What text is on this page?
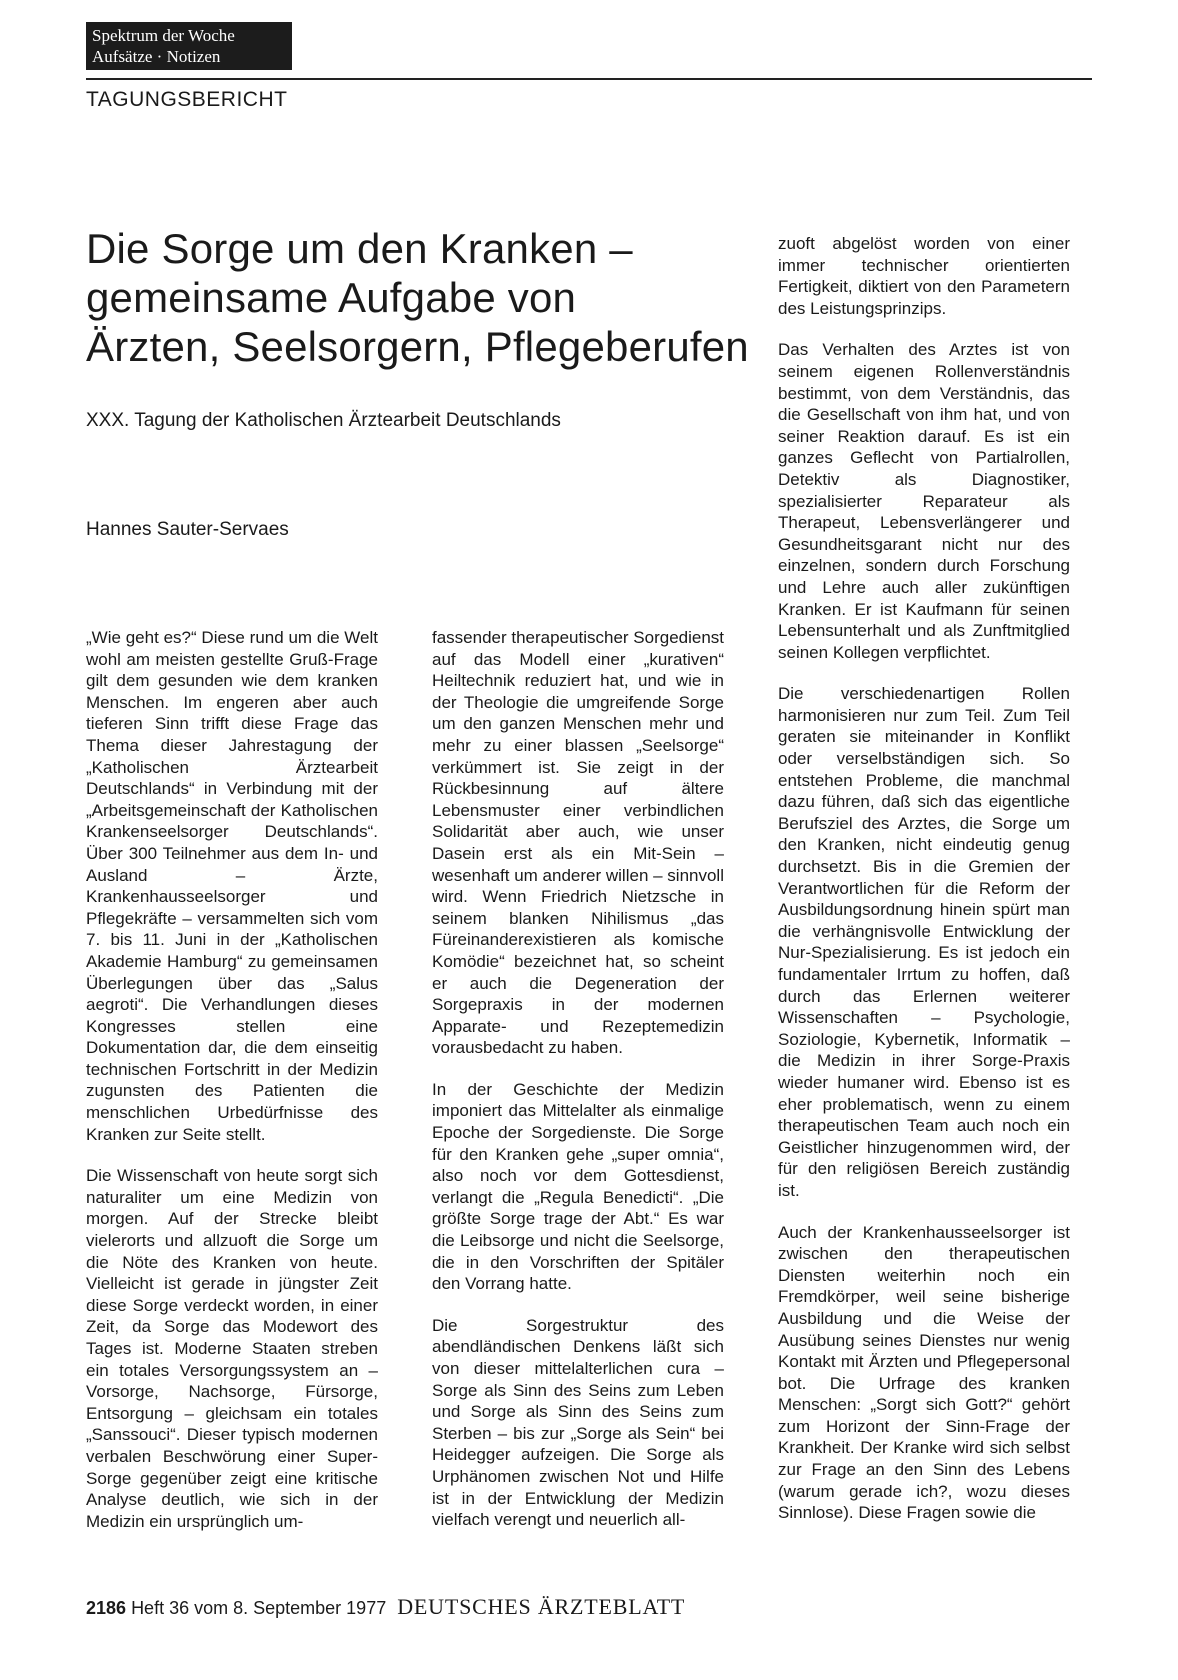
Spektrum der Woche
Aufsätze · Notizen
TAGUNGSBERICHT
Die Sorge um den Kranken –
gemeinsame Aufgabe von
Ärzten, Seelsorgern, Pflegeberufen
XXX. Tagung der Katholischen Ärztearbeit Deutschlands
Hannes Sauter-Servaes

„Wie geht es?“ Diese rund um die Welt wohl am meisten gestellte Gruß-Frage gilt dem gesunden wie dem kranken Menschen. Im engeren aber auch tieferen Sinn trifft diese Frage das Thema dieser Jahrestagung der „Katholischen Ärztearbeit Deutschlands“ in Verbindung mit der „Arbeitsgemeinschaft der Katholischen Krankenseelsorger Deutschlands“. Über 300 Teilnehmer aus dem In- und Ausland – Ärzte, Krankenhausseelsorger und Pflegekräfte – versammelten sich vom 7. bis 11. Juni in der „Katholischen Akademie Hamburg“ zu gemeinsamen Überlegungen über das „Salus aegroti“. Die Verhandlungen dieses Kongresses stellen eine Dokumentation dar, die dem einseitig technischen Fortschritt in der Medizin zugunsten des Patienten die menschlichen Urbedürfnisse des Kranken zur Seite stellt.

Die Wissenschaft von heute sorgt sich naturaliter um eine Medizin von morgen. Auf der Strecke bleibt vielerorts und allzuoft die Sorge um die Nöte des Kranken von heute. Vielleicht ist gerade in jüngster Zeit diese Sorge verdeckt worden, in einer Zeit, da Sorge das Modewort des Tages ist. Moderne Staaten streben ein totales Versorgungssystem an – Vorsorge, Nachsorge, Fürsorge, Entsorgung – gleichsam ein totales „Sanssouci“. Dieser typisch modernen verbalen Beschwörung einer Super-Sorge gegenüber zeigt eine kritische Analyse deutlich, wie sich in der Medizin ein ursprünglich um-

fassender therapeutischer Sorgedienst auf das Modell einer „kurativen“ Heiltechnik reduziert hat, und wie in der Theologie die umgreifende Sorge um den ganzen Menschen mehr und mehr zu einer blassen „Seelsorge“ verkümmert ist. Sie zeigt in der Rückbesinnung auf ältere Lebensmuster einer verbindlichen Solidarität aber auch, wie unser Dasein erst als ein Mit-Sein – wesenhaft um anderer willen – sinnvoll wird. Wenn Friedrich Nietzsche in seinem blanken Nihilismus „das Füreinanderexistieren als komische Komödie“ bezeichnet hat, so scheint er auch die Degeneration der Sorgepraxis in der modernen Apparate- und Rezeptemedizin vorausbedacht zu haben.

In der Geschichte der Medizin imponiert das Mittelalter als einmalige Epoche der Sorgedienste. Die Sorge für den Kranken gehe „super omnia“, also noch vor dem Gottesdienst, verlangt die „Regula Benedicti“. „Die größte Sorge trage der Abt.“ Es war die Leibsorge und nicht die Seelsorge, die in den Vorschriften der Spitäler den Vorrang hatte.

Die Sorgestruktur des abendländischen Denkens läßt sich von dieser mittelalterlichen cura – Sorge als Sinn des Seins zum Leben und Sorge als Sinn des Seins zum Sterben – bis zur „Sorge als Sein“ bei Heidegger aufzeigen. Die Sorge als Urphänomen zwischen Not und Hilfe ist in der Entwicklung der Medizin vielfach verengt und neuerlich all-

zuoft abgelöst worden von einer immer technischer orientierten Fertigkeit, diktiert von den Parametern des Leistungsprinzips.

Das Verhalten des Arztes ist von seinem eigenen Rollenverständnis bestimmt, von dem Verständnis, das die Gesellschaft von ihm hat, und von seiner Reaktion darauf. Es ist ein ganzes Geflecht von Partialrollen, Detektiv als Diagnostiker, spezialisierter Reparateur als Therapeut, Lebensverlängerer und Gesundheitsgarant nicht nur des einzelnen, sondern durch Forschung und Lehre auch aller zukünftigen Kranken. Er ist Kaufmann für seinen Lebensunterhalt und als Zunftmitglied seinen Kollegen verpflichtet.

Die verschiedenartigen Rollen harmonisieren nur zum Teil. Zum Teil geraten sie miteinander in Konflikt oder verselbständigen sich. So entstehen Probleme, die manchmal dazu führen, daß sich das eigentliche Berufsziel des Arztes, die Sorge um den Kranken, nicht eindeutig genug durchsetzt. Bis in die Gremien der Verantwortlichen für die Reform der Ausbildungsordnung hinein spürt man die verhängnisvolle Entwicklung der Nur-Spezialisierung. Es ist jedoch ein fundamentaler Irrtum zu hoffen, daß durch das Erlernen weiterer Wissenschaften – Psychologie, Soziologie, Kybernetik, Informatik – die Medizin in ihrer Sorge-Praxis wieder humaner wird. Ebenso ist es eher problematisch, wenn zu einem therapeutischen Team auch noch ein Geistlicher hinzugenommen wird, der für den religiösen Bereich zuständig ist.

Auch der Krankenhausseelsorger ist zwischen den therapeutischen Diensten weiterhin noch ein Fremdkörper, weil seine bisherige Ausbildung und die Weise der Ausübung seines Dienstes nur wenig Kontakt mit Ärzten und Pflegepersonal bot. Die Urfrage des kranken Menschen: „Sorgt sich Gott?“ gehört zum Horizont der Sinn-Frage der Krankheit. Der Kranke wird sich selbst zur Frage an den Sinn des Lebens (warum gerade ich?, wozu dieses Sinnlose). Diese Fragen sowie die

2186 Heft 36 vom 8. September 1977 DEUTSCHES ÄRZTEBLATT
